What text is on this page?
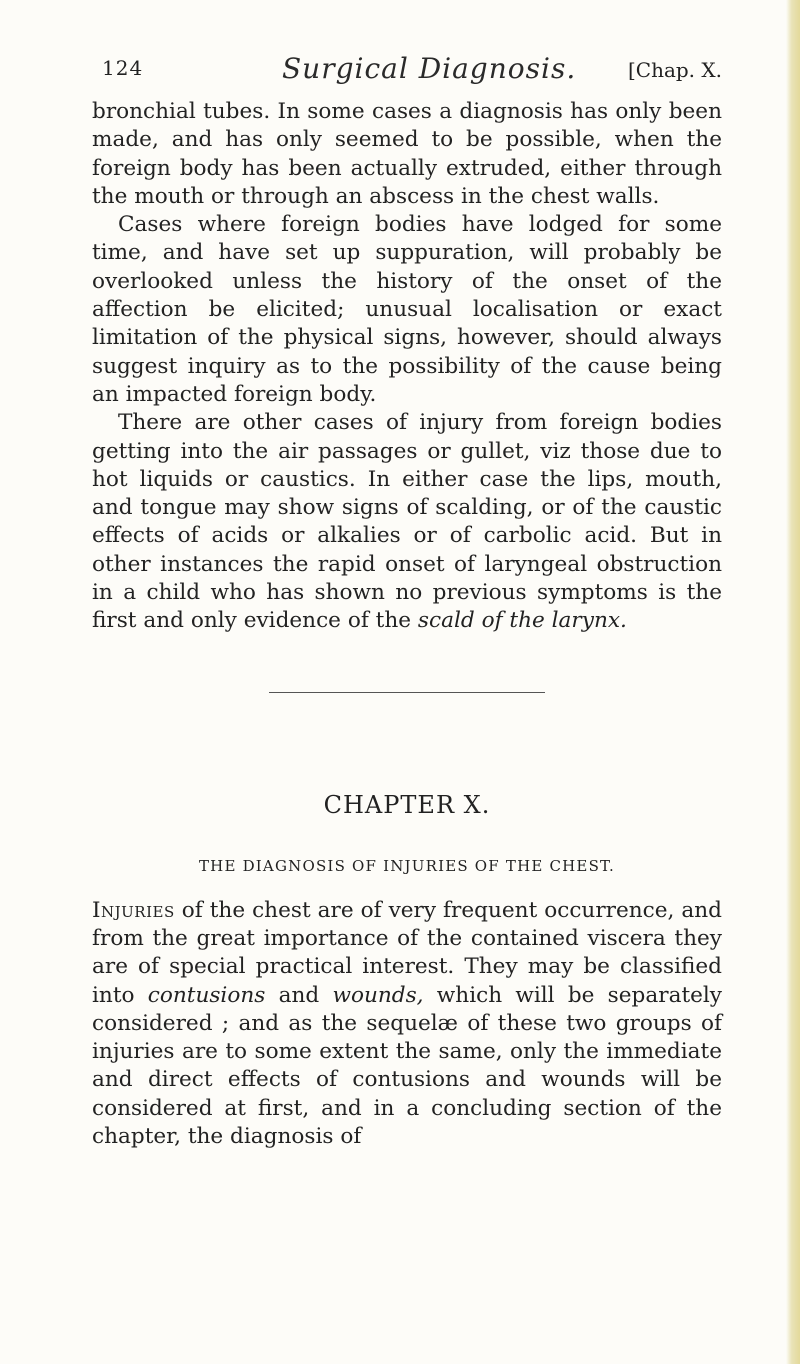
124	Surgical Diagnosis.	[Chap. X.

bronchial tubes. In some cases a diagnosis has only been made, and has only seemed to be possible, when the foreign body has been actually extruded, either through the mouth or through an abscess in the chest walls.

Cases where foreign bodies have lodged for some time, and have set up suppuration, will probably be overlooked unless the history of the onset of the affection be elicited; unusual localisation or exact limitation of the physical signs, however, should always suggest inquiry as to the possibility of the cause being an impacted foreign body.

There are other cases of injury from foreign bodies getting into the air passages or gullet, viz those due to hot liquids or caustics. In either case the lips, mouth, and tongue may show signs of scalding, or of the caustic effects of acids or alkalies or of carbolic acid. But in other instances the rapid onset of laryngeal obstruction in a child who has shown no previous symptoms is the first and only evidence of the scald of the larynx.

CHAPTER X.
THE DIAGNOSIS OF INJURIES OF THE CHEST.

Injuries of the chest are of very frequent occurrence, and from the great importance of the contained viscera they are of special practical interest. They may be classified into contusions and wounds, which will be separately considered ; and as the sequelæ of these two groups of injuries are to some extent the same, only the immediate and direct effects of contusions and wounds will be considered at first, and in a concluding section of the chapter, the diagnosis of
